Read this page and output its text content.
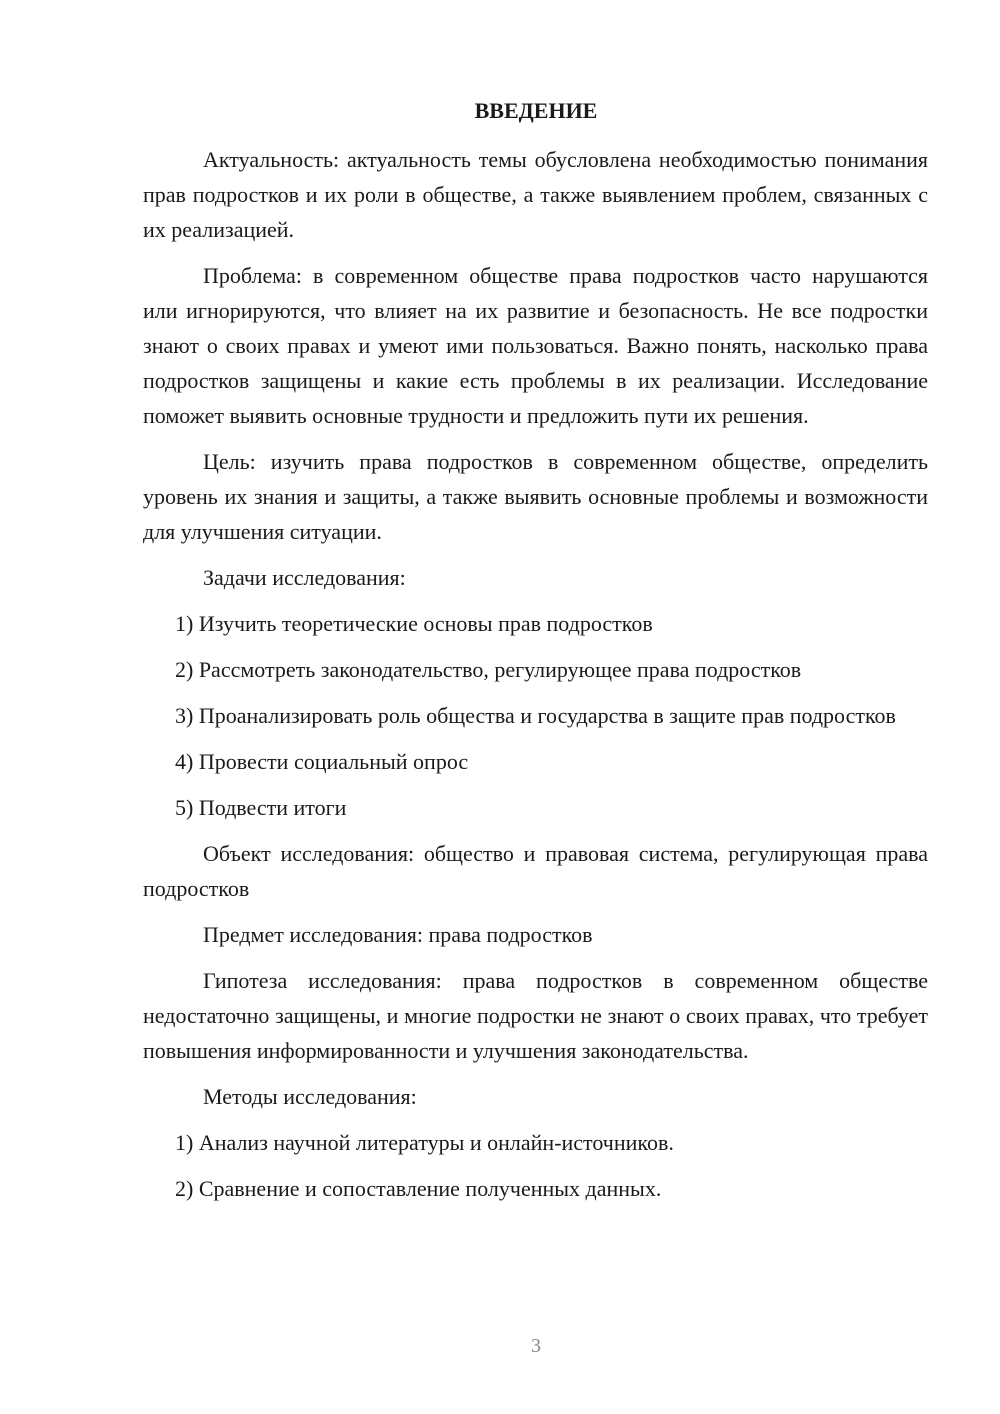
ВВЕДЕНИЕ

Актуальность: актуальность темы обусловлена необходимостью понимания прав подростков и их роли в обществе, а также выявлением проблем, связанных с их реализацией.

Проблема: в современном обществе права подростков часто нарушаются или игнорируются, что влияет на их развитие и безопасность. Не все подростки знают о своих правах и умеют ими пользоваться. Важно понять, насколько права подростков защищены и какие есть проблемы в их реализации. Исследование поможет выявить основные трудности и предложить пути их решения.

Цель: изучить права подростков в современном обществе, определить уровень их знания и защиты, а также выявить основные проблемы и возможности для улучшения ситуации.

Задачи исследования:

1) Изучить теоретические основы прав подростков

2) Рассмотреть законодательство, регулирующее права подростков

3) Проанализировать роль общества и государства в защите прав подростков

4) Провести социальный опрос

5) Подвести итоги

Объект исследования: общество и правовая система, регулирующая права подростков

Предмет исследования: права подростков

Гипотеза исследования: права подростков в современном обществе недостаточно защищены, и многие подростки не знают о своих правах, что требует повышения информированности и улучшения законодательства.

Методы исследования:

1) Анализ научной литературы и онлайн-источников.

2) Сравнение и сопоставление полученных данных.

3
